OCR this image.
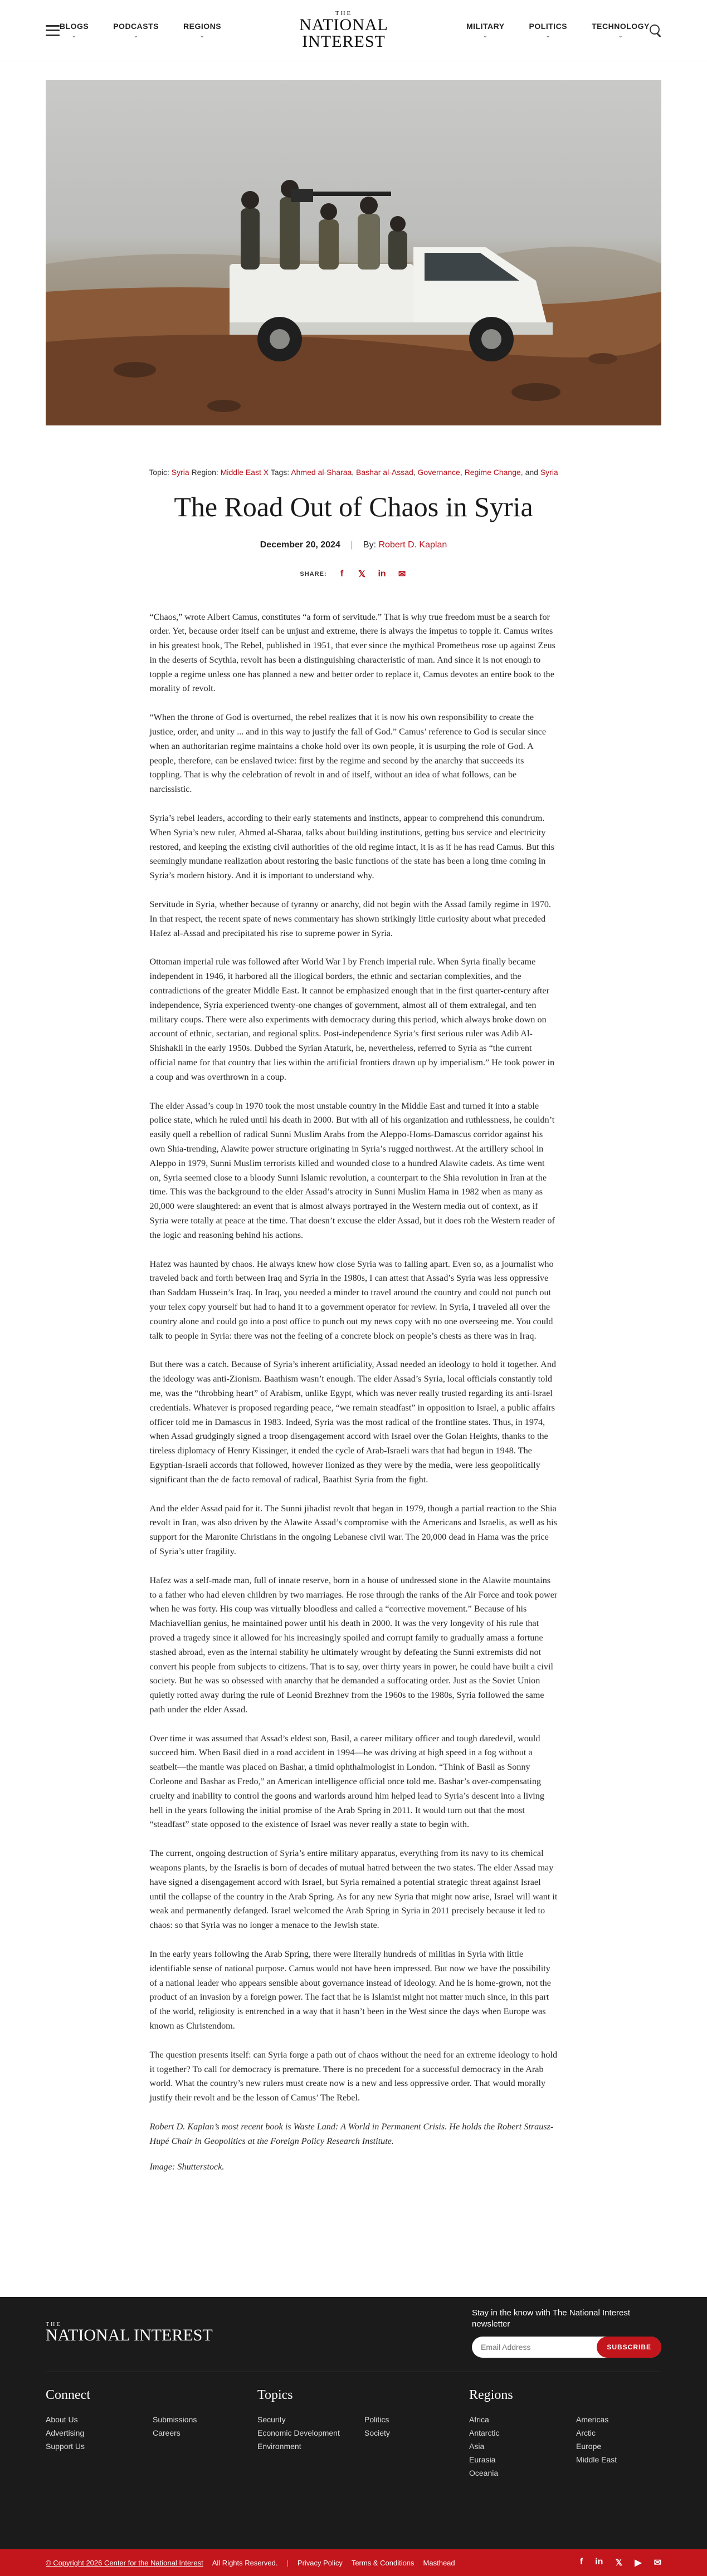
BLOGS
⌄
PODCASTS
⌄
REGIONS
⌄
THE
NATIONAL INTEREST
MILITARY
⌄
POLITICS
⌄
TECHNOLOGY
⌄
Topic: Syria Region: Middle East X Tags: Ahmed al-Sharaa, Bashar al-Assad, Governance, Regime Change, and Syria
The Road Out of Chaos in Syria
December 20, 2024 | By: Robert D. Kaplan
SHARE:	f	𝕏 in ✉

“Chaos,” wrote Albert Camus, constitutes “a form of servitude.” That is why true freedom must be a search for order. Yet, because order itself can be unjust and extreme, there is always the impetus to topple it. Camus writes in his greatest book, The Rebel, published in 1951, that ever since the mythical Prometheus rose up against Zeus in the deserts of Scythia, revolt has been a distinguishing characteristic of man. And since it is not enough to topple a regime unless one has planned a new and better order to replace it, Camus devotes an entire book to the morality of revolt.

“When the throne of God is overturned, the rebel realizes that it is now his own responsibility to create the justice, order, and unity ... and in this way to justify the fall of God.” Camus’ reference to God is secular since when an authoritarian regime maintains a choke hold over its own people, it is usurping the role of God. A people, therefore, can be enslaved twice: first by the regime and second by the anarchy that succeeds its toppling. That is why the celebration of revolt in and of itself, without an idea of what follows, can be narcissistic.

Syria’s rebel leaders, according to their early statements and instincts, appear to comprehend this conundrum. When Syria’s new ruler, Ahmed al-Sharaa, talks about building institutions, getting bus service and electricity restored, and keeping the existing civil authorities of the old regime intact, it is as if he has read Camus. But this seemingly mundane realization about restoring the basic functions of the state has been a long time coming in Syria’s modern history. And it is important to understand why.

Servitude in Syria, whether because of tyranny or anarchy, did not begin with the Assad family regime in 1970. In that respect, the recent spate of news commentary has shown strikingly little curiosity about what preceded Hafez al-Assad and precipitated his rise to supreme power in Syria.

Ottoman imperial rule was followed after World War I by French imperial rule. When Syria finally became independent in 1946, it harbored all the illogical borders, the ethnic and sectarian complexities, and the contradictions of the greater Middle East. It cannot be emphasized enough that in the first quarter-century after independence, Syria experienced twenty-one changes of government, almost all of them extralegal, and ten military coups. There were also experiments with democracy during this period, which always broke down on account of ethnic, sectarian, and regional splits. Post-independence Syria’s first serious ruler was Adib Al-Shishakli in the early 1950s. Dubbed the Syrian Ataturk, he, nevertheless, referred to Syria as “the current official name for that country that lies within the artificial frontiers drawn up by imperialism.” He took power in a coup and was overthrown in a coup.

The elder Assad’s coup in 1970 took the most unstable country in the Middle East and turned it into a stable police state, which he ruled until his death in 2000. But with all of his organization and ruthlessness, he couldn’t easily quell a rebellion of radical Sunni Muslim Arabs from the Aleppo-Homs-Damascus corridor against his own Shia-trending, Alawite power structure originating in Syria’s rugged northwest. At the artillery school in Aleppo in 1979, Sunni Muslim terrorists killed and wounded close to a hundred Alawite cadets. As time went on, Syria seemed close to a bloody Sunni Islamic revolution, a counterpart to the Shia revolution in Iran at the time. This was the background to the elder Assad’s atrocity in Sunni Muslim Hama in 1982 when as many as 20,000 were slaughtered: an event that is almost always portrayed in the Western media out of context, as if Syria were totally at peace at the time. That doesn’t excuse the elder Assad, but it does rob the Western reader of the logic and reasoning behind his actions.

Hafez was haunted by chaos. He always knew how close Syria was to falling apart. Even so, as a journalist who traveled back and forth between Iraq and Syria in the 1980s, I can attest that Assad’s Syria was less oppressive than Saddam Hussein’s Iraq. In Iraq, you needed a minder to travel around the country and could not punch out your telex copy yourself but had to hand it to a government operator for review. In Syria, I traveled all over the country alone and could go into a post office to punch out my news copy with no one overseeing me. You could talk to people in Syria: there was not the feeling of a concrete block on people’s chests as there was in Iraq.

But there was a catch. Because of Syria’s inherent artificiality, Assad needed an ideology to hold it together. And the ideology was anti-Zionism. Baathism wasn’t enough. The elder Assad’s Syria, local officials constantly told me, was the “throbbing heart” of Arabism, unlike Egypt, which was never really trusted regarding its anti-Israel credentials. Whatever is proposed regarding peace, “we remain steadfast” in opposition to Israel, a public affairs officer told me in Damascus in 1983. Indeed, Syria was the most radical of the frontline states. Thus, in 1974, when Assad grudgingly signed a troop disengagement accord with Israel over the Golan Heights, thanks to the tireless diplomacy of Henry Kissinger, it ended the cycle of Arab-Israeli wars that had begun in 1948. The Egyptian-Israeli accords that followed, however lionized as they were by the media, were less geopolitically significant than the de facto removal of radical, Baathist Syria from the fight.

And the elder Assad paid for it. The Sunni jihadist revolt that began in 1979, though a partial reaction to the Shia revolt in Iran, was also driven by the Alawite Assad’s compromise with the Americans and Israelis, as well as his support for the Maronite Christians in the ongoing Lebanese civil war. The 20,000 dead in Hama was the price of Syria’s utter fragility.

Hafez was a self-made man, full of innate reserve, born in a house of undressed stone in the Alawite mountains to a father who had eleven children by two marriages. He rose through the ranks of the Air Force and took power when he was forty. His coup was virtually bloodless and called a “corrective movement.” Because of his Machiavellian genius, he maintained power until his death in 2000. It was the very longevity of his rule that proved a tragedy since it allowed for his increasingly spoiled and corrupt family to gradually amass a fortune stashed abroad, even as the internal stability he ultimately wrought by defeating the Sunni extremists did not convert his people from subjects to citizens. That is to say, over thirty years in power, he could have built a civil society. But he was so obsessed with anarchy that he demanded a suffocating order. Just as the Soviet Union quietly rotted away during the rule of Leonid Brezhnev from the 1960s to the 1980s, Syria followed the same path under the elder Assad.

Over time it was assumed that Assad’s eldest son, Basil, a career military officer and tough daredevil, would succeed him. When Basil died in a road accident in 1994—he was driving at high speed in a fog without a seatbelt—the mantle was placed on Bashar, a timid ophthalmologist in London. “Think of Basil as Sonny Corleone and Bashar as Fredo,” an American intelligence official once told me. Bashar’s over-compensating cruelty and inability to control the goons and warlords around him helped lead to Syria’s descent into a living hell in the years following the initial promise of the Arab Spring in 2011. It would turn out that the most “steadfast” state opposed to the existence of Israel was never really a state to begin with.

The current, ongoing destruction of Syria’s entire military apparatus, everything from its navy to its chemical weapons plants, by the Israelis is born of decades of mutual hatred between the two states. The elder Assad may have signed a disengagement accord with Israel, but Syria remained a potential strategic threat against Israel until the collapse of the country in the Arab Spring. As for any new Syria that might now arise, Israel will want it weak and permanently defanged. Israel welcomed the Arab Spring in Syria in 2011 precisely because it led to chaos: so that Syria was no longer a menace to the Jewish state.

In the early years following the Arab Spring, there were literally hundreds of militias in Syria with little identifiable sense of national purpose. Camus would not have been impressed. But now we have the possibility of a national leader who appears sensible about governance instead of ideology. And he is home-grown, not the product of an invasion by a foreign power. The fact that he is Islamist might not matter much since, in this part of the world, religiosity is entrenched in a way that it hasn’t been in the West since the days when Europe was known as Christendom.

The question presents itself: can Syria forge a path out of chaos without the need for an extreme ideology to hold it together? To call for democracy is premature. There is no precedent for a successful democracy in the Arab world. What the country’s new rulers must create now is a new and less oppressive order. That would morally justify their revolt and be the lesson of Camus’ The Rebel.

Robert D. Kaplan’s most recent book is Waste Land: A World in Permanent Crisis. He holds the Robert Strausz-Hupé Chair in Geopolitics at the Foreign Policy Research Institute.

Image: Shutterstock.

THE
NATIONAL INTEREST
Stay in the know with The National Interest newsletter
Email Address
SUBSCRIBE
Connect
About Us	Submissions
Advertising	Careers
Support Us
Topics
Security	Politics
Economic Development	Society
Environment
Regions
Africa	Americas
Antarctic	Arctic
Asia	Europe
Eurasia	Middle East
Oceania
© Copyright 2026 Center for the National Interest All Rights Reserved. | Privacy Policy Terms & Conditions Masthead	f in 𝕏 ▶ ✉
